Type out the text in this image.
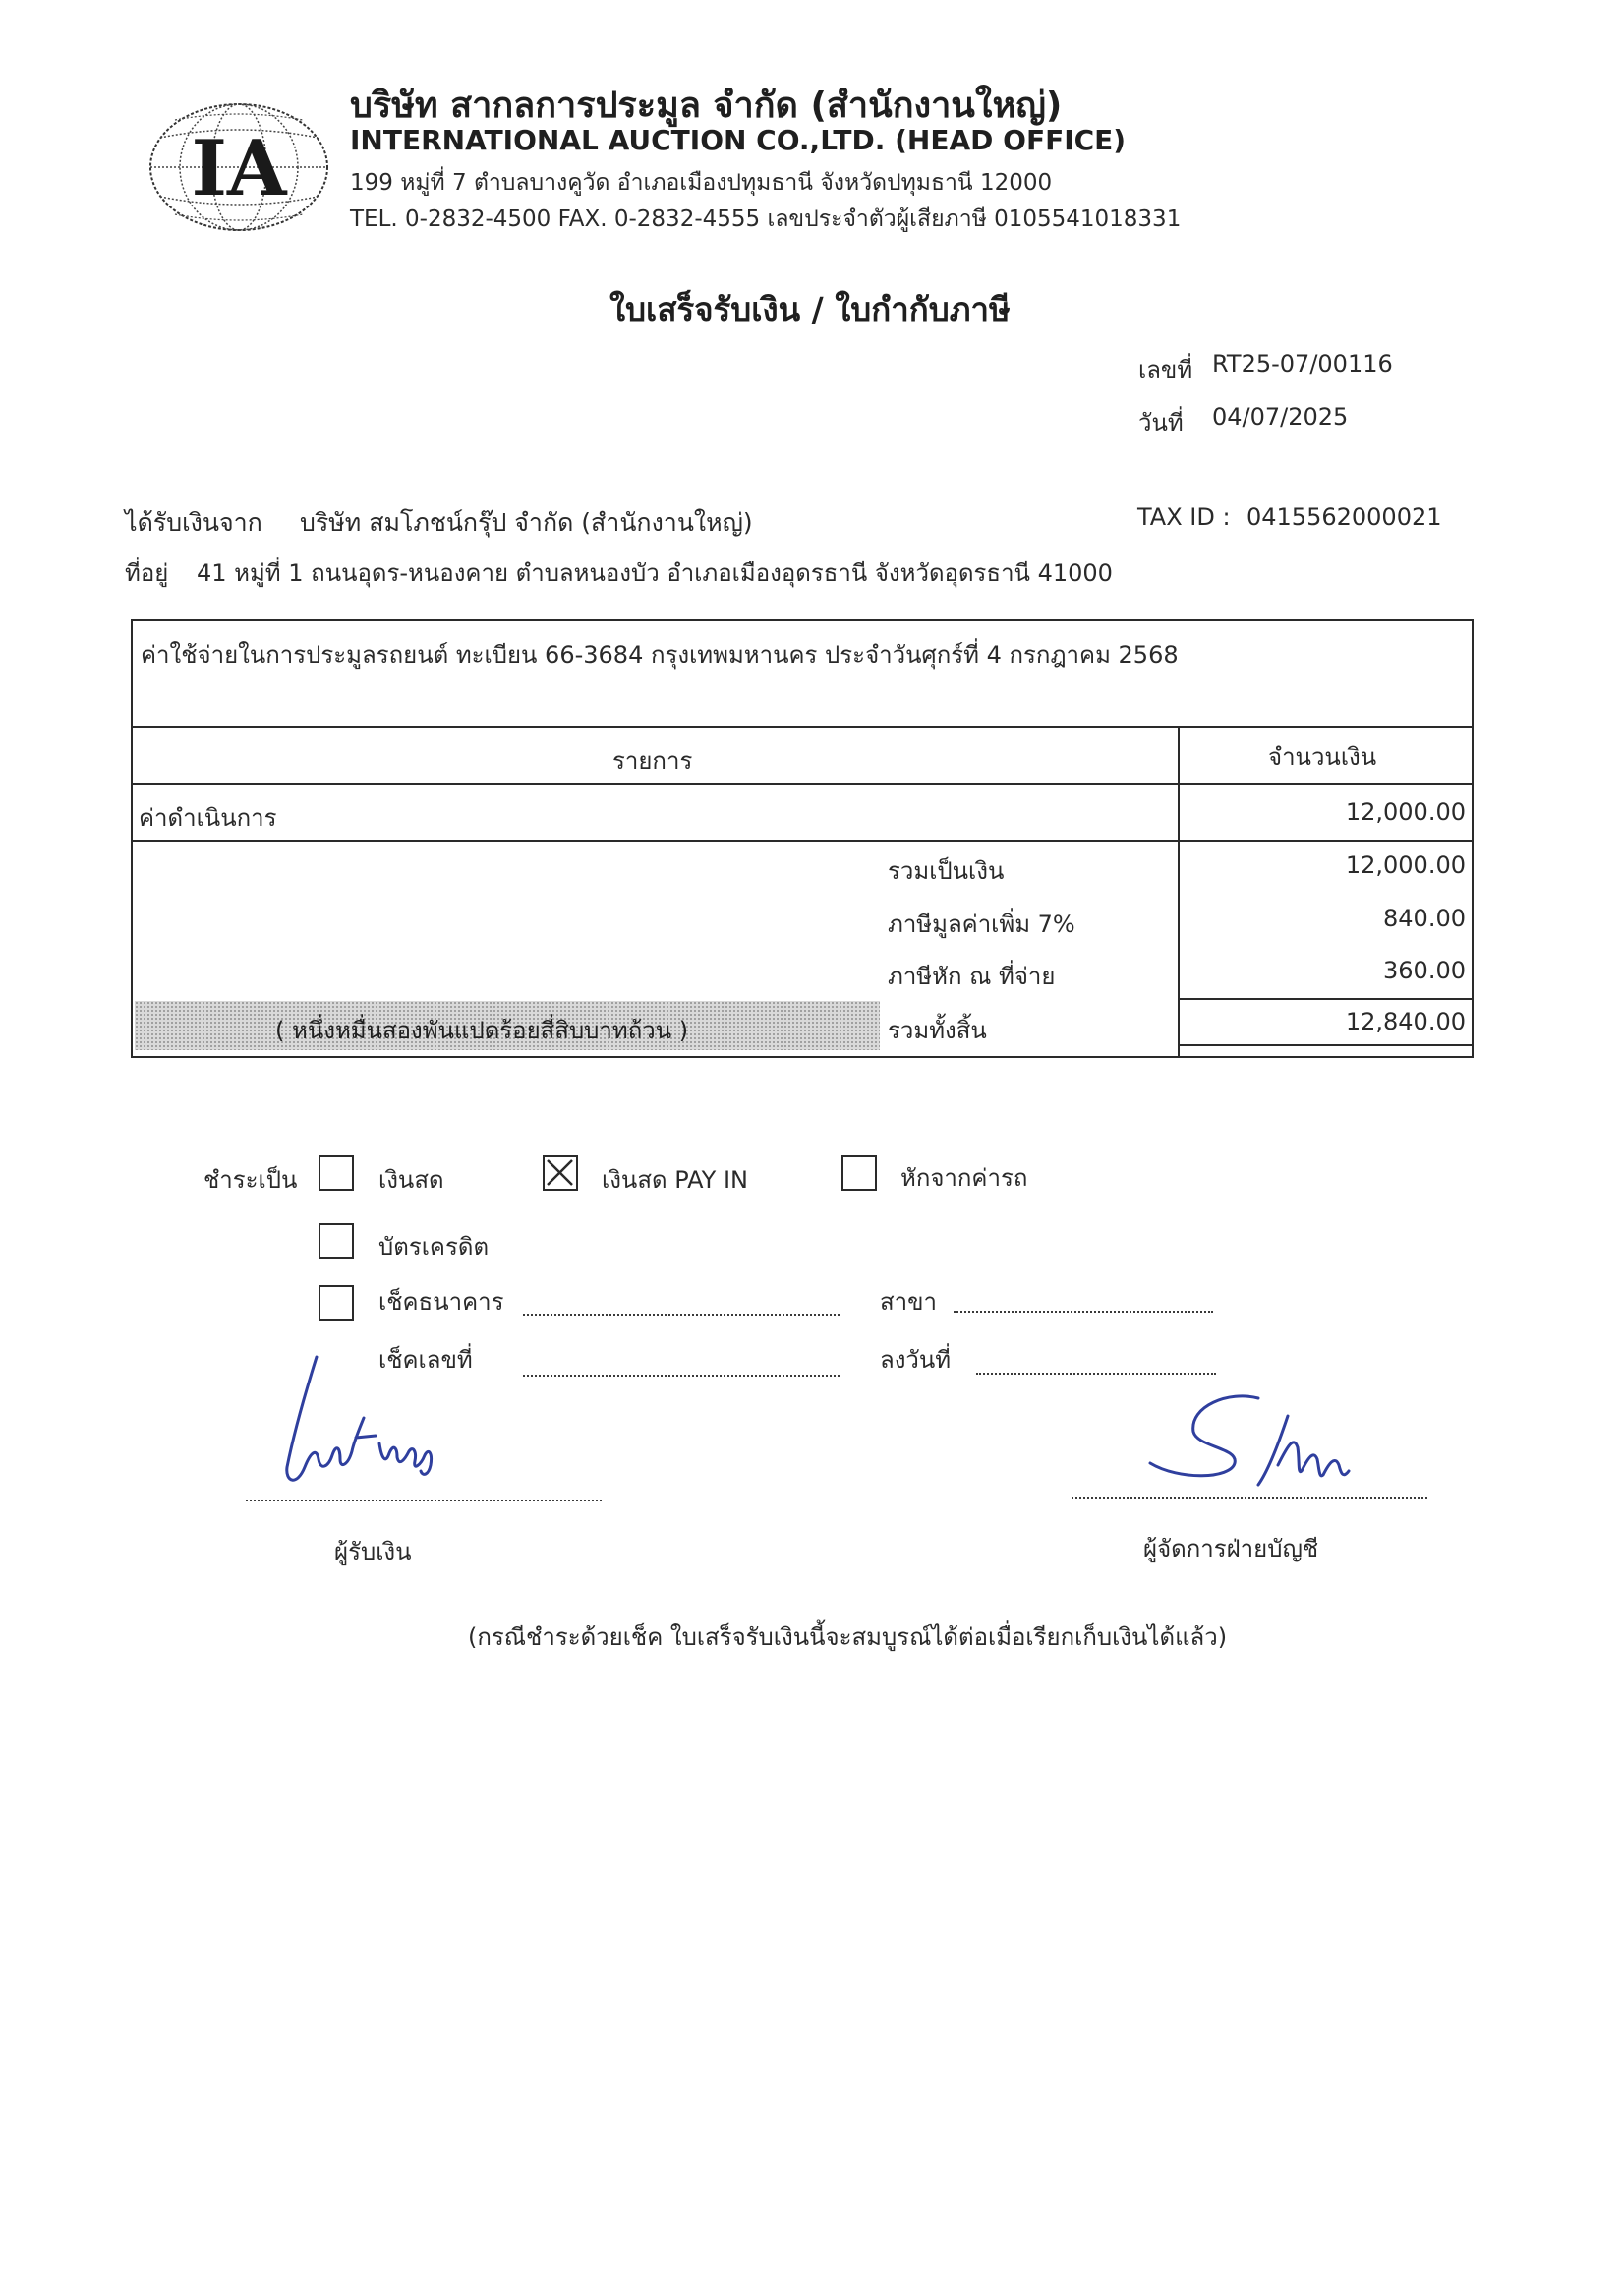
IA
บริษัท สากลการประมูล จำกัด (สำนักงานใหญ่)
INTERNATIONAL AUCTION CO.,LTD. (HEAD OFFICE)
199 หมู่ที่ 7 ตำบลบางคูวัด อำเภอเมืองปทุมธานี จังหวัดปทุมธานี 12000
TEL. 0-2832-4500 FAX. 0-2832-4555 เลขประจำตัวผู้เสียภาษี 0105541018331
ใบเสร็จรับเงิน / ใบกำกับภาษี
เลขที่ RT25-07/00116
วันที่ 04/07/2025
ได้รับเงินจาก บริษัท สมโภชน์กรุ๊ป จำกัด (สำนักงานใหญ่)	TAX ID : 0415562000021
ที่อยู่ 41 หมู่ที่ 1 ถนนอุดร-หนองคาย ตำบลหนองบัว อำเภอเมืองอุดรธานี จังหวัดอุดรธานี 41000
ค่าใช้จ่ายในการประมูลรถยนต์ ทะเบียน 66-3684 กรุงเทพมหานคร ประจำวันศุกร์ที่ 4 กรกฎาคม 2568
รายการ	จำนวนเงิน
ค่าดำเนินการ	12,000.00
รวมเป็นเงิน	12,000.00
ภาษีมูลค่าเพิ่ม 7%	840.00
ภาษีหัก ณ ที่จ่าย	360.00
( หนึ่งหมื่นสองพันแปดร้อยสี่สิบบาทถ้วน )	รวมทั้งสิ้น	12,840.00
ชำระเป็น	เงินสด	เงินสด PAY IN	หักจากค่ารถ
บัตรเครดิต
เช็คธนาคาร	สาขา
เช็คเลขที่	ลงวันที่
ผู้รับเงิน	ผู้จัดการฝ่ายบัญชี
(กรณีชำระด้วยเช็ค ใบเสร็จรับเงินนี้จะสมบูรณ์ได้ต่อเมื่อเรียกเก็บเงินได้แล้ว)
